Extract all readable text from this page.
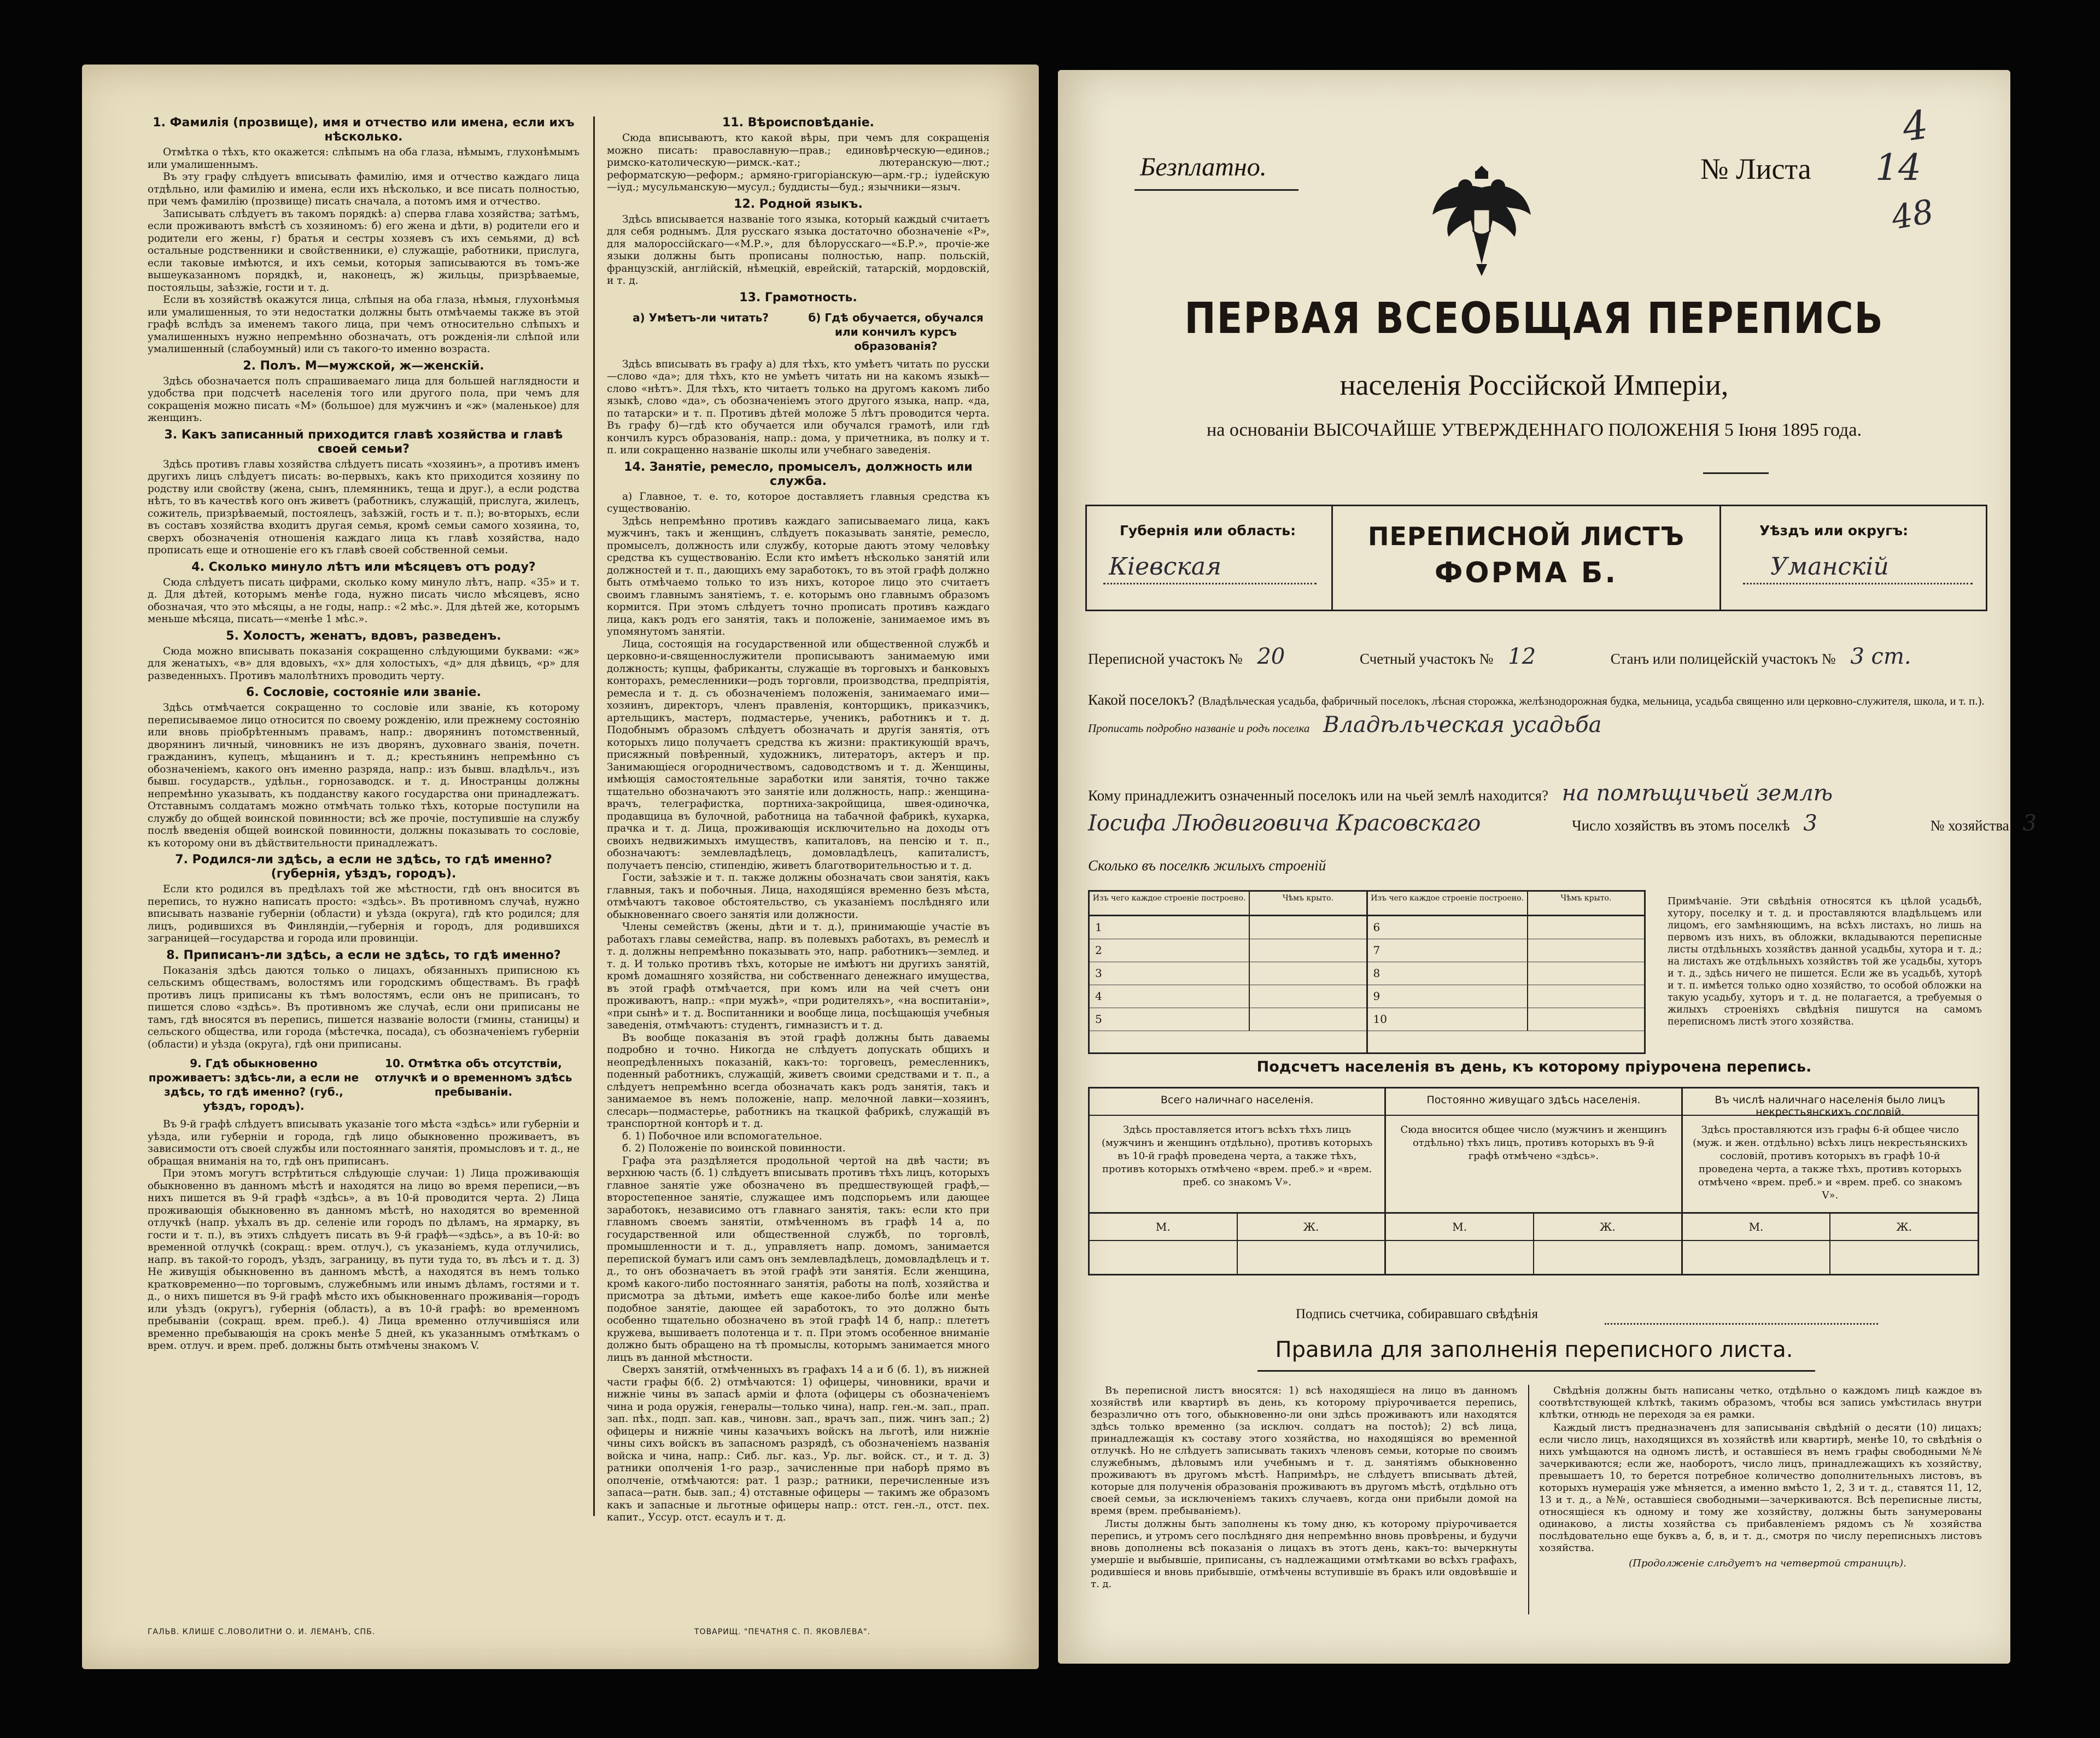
1. Фамилія (прозвище), имя и отчество или имена, если ихъ нѣсколько.

Отмѣтка о тѣхъ, кто окажется: слѣпымъ на оба глаза, нѣмымъ, глухонѣмымъ или умалишеннымъ.

Въ эту графу слѣдуетъ вписывать фамилію, имя и отчество каждаго лица отдѣльно, или фамилію и имена, если ихъ нѣсколько, и все писать полностью, при чемъ фамилію (прозвище) писать сначала, а потомъ имя и отчество.

Записывать слѣдуетъ въ такомъ порядкѣ: а) сперва глава хозяйства; затѣмъ, если проживаютъ вмѣстѣ съ хозяиномъ: б) его жена и дѣти, в) родители его и родители его жены, г) братья и сестры хозяевъ съ ихъ семьями, д) всѣ остальные родственники и свойственники, е) служащіе, работники, прислуга, если таковые имѣются, и ихъ семьи, которыя записываются въ томъ-же вышеуказанномъ порядкѣ, и, наконецъ, ж) жильцы, призрѣваемые, постояльцы, заѣзжіе, гости и т. д.

Если въ хозяйствѣ окажутся лица, слѣпыя на оба глаза, нѣмыя, глухонѣмыя или умалишенныя, то эти недостатки должны быть отмѣчаемы также въ этой графѣ вслѣдъ за именемъ такого лица, при чемъ относительно слѣпыхъ и умалишенныхъ нужно непремѣнно обозначать, отъ рожденія-ли слѣпой или умалишенный (слабоумный) или съ такого-то именно возраста.

2. Полъ. М—мужской, ж—женскій.

Здѣсь обозначается полъ спрашиваемаго лица для большей наглядности и удобства при подсчетѣ населенія того или другого пола, при чемъ для сокращенія можно писать «М» (большое) для мужчинъ и «ж» (маленькое) для женщинъ.

3. Какъ записанный приходится главѣ хозяйства и главѣ своей семьи?

Здѣсь противъ главы хозяйства слѣдуетъ писать «хозяинъ», а противъ именъ другихъ лицъ слѣдуетъ писать: во-первыхъ, какъ кто приходится хозяину по родству или свойству (жена, сынъ, племянникъ, теща и друг.), а если родства нѣтъ, то въ качествѣ кого онъ живетъ (работникъ, служащій, прислуга, жилецъ, сожитель, призрѣваемый, постоялецъ, заѣзжій, гость и т. п.); во-вторыхъ, если въ составъ хозяйства входитъ другая семья, кромѣ семьи самого хозяина, то, сверхъ обозначенія отношенія каждаго лица къ главѣ хозяйства, надо прописать еще и отношеніе его къ главѣ своей собственной семьи.

4. Сколько минуло лѣтъ или мѣсяцевъ отъ роду?

Сюда слѣдуетъ писать цифрами, сколько кому минуло лѣтъ, напр. «35» и т. д. Для дѣтей, которымъ менѣе года, нужно писать число мѣсяцевъ, ясно обозначая, что это мѣсяцы, а не годы, напр.: «2 мѣс.». Для дѣтей же, которымъ меньше мѣсяца, писать—«менѣе 1 мѣс.».

5. Холостъ, женатъ, вдовъ, разведенъ.

Сюда можно вписывать показанія сокращенно слѣдующими буквами: «ж» для женатыхъ, «в» для вдовыхъ, «х» для холостыхъ, «д» для дѣвицъ, «р» для разведенныхъ. Противъ малолѣтнихъ проводить черту.

6. Сословіе, состояніе или званіе.

Здѣсь отмѣчается сокращенно то сословіе или званіе, къ которому переписываемое лицо относится по своему рожденію, или прежнему состоянію или вновь пріобрѣтеннымъ правамъ, напр.: дворянинъ потомственный, дворянинъ личный, чиновникъ не изъ дворянъ, духовнаго званія, почетн. гражданинъ, купецъ, мѣщанинъ и т. д.; крестьянинъ непремѣнно съ обозначеніемъ, какого онъ именно разряда, напр.: изъ бывш. владѣльч., изъ бывш. государств., удѣльн., горнозаводск. и т. д. Иностранцы должны непремѣнно указывать, къ подданству какого государства они принадлежатъ. Отставнымъ солдатамъ можно отмѣчать только тѣхъ, которые поступили на службу до общей воинской повинности; всѣ же прочіе, поступившіе на службу послѣ введенія общей воинской повинности, должны показывать то сословіе, къ которому они въ дѣйствительности принадлежатъ.

7. Родился-ли здѣсь, а если не здѣсь, то гдѣ именно? (губернія, уѣздъ, городъ).

Если кто родился въ предѣлахъ той же мѣстности, гдѣ онъ вносится въ перепись, то нужно написать просто: «здѣсь». Въ противномъ случаѣ, нужно вписывать названіе губерніи (области) и уѣзда (округа), гдѣ кто родился; для лицъ, родившихся въ Финляндіи,—губернія и городъ, для родившихся заграницей—государства и города или провинціи.

8. Приписанъ-ли здѣсь, а если не здѣсь, то гдѣ именно?

Показанія здѣсь даются только о лицахъ, обязанныхъ приписною къ сельскимъ обществамъ, волостямъ или городскимъ обществамъ. Въ графѣ противъ лицъ приписаны къ тѣмъ волостямъ, если онъ не приписанъ, то пишется слово «здѣсь». Въ противномъ же случаѣ, если они приписаны не тамъ, гдѣ вносятся въ перепись, пишется названіе волости (гмины, станицы) и сельского общества, или города (мѣстечка, посада), съ обозначеніемъ губерніи (области) и уѣзда (округа), гдѣ они приписаны.

9. Гдѣ обыкновенно проживаетъ: здѣсь-ли, а если не здѣсь, то гдѣ именно? (губ., уѣздъ, городъ).
10. Отмѣтка объ отсутствіи, отлучкѣ и о временномъ здѣсь пребываніи.

Въ 9-й графѣ слѣдуетъ вписывать указаніе того мѣста «здѣсь» или губерніи и уѣзда, или губерніи и города, гдѣ лицо обыкновенно проживаетъ, въ зависимости отъ своей службы или постояннаго занятія, промысловъ и т. д., не обращая вниманія на то, гдѣ онъ приписанъ.

При этомъ могутъ встрѣтиться слѣдующіе случаи: 1) Лица проживающія обыкновенно въ данномъ мѣстѣ и находятся на лицо во время переписи,—въ нихъ пишется въ 9-й графѣ «здѣсь», а въ 10-й проводится черта. 2) Лица проживающія обыкновенно въ данномъ мѣстѣ, но находятся во временной отлучкѣ (напр. уѣхалъ въ др. селеніе или городъ по дѣламъ, на ярмарку, въ гости и т. п.), въ этихъ слѣдуетъ писать въ 9-й графѣ—«здѣсь», а въ 10-й: во временной отлучкѣ (сокращ.: врем. отлуч.), съ указаніемъ, куда отлучились, напр. въ такой-то городъ, уѣздъ, заграницу, въ пути туда то, въ лѣсъ и т. д. 3) Не живущія обыкновенно въ данномъ мѣстѣ, а находятся въ немъ только кратковременно—по торговымъ, служебнымъ или инымъ дѣламъ, гостями и т. д., о нихъ пишется въ 9-й графѣ мѣсто ихъ обыкновеннаго проживанія—городъ или уѣздъ (округъ), губернія (область), а въ 10-й графѣ: во временномъ пребываніи (сокращ. врем. преб.). 4) Лица временно отлучившіяся или временно пребывающія на срокъ менѣе 5 дней, къ указаннымъ отмѣткамъ о врем. отлуч. и врем. преб. должны быть отмѣчены знакомъ V.

11. Вѣроисповѣданіе.

Сюда вписываютъ, кто какой вѣры, при чемъ для сокращенія можно писать: православную—прав.; единовѣрческую—единов.; римско-католическую—римск.-кат.; лютеранскую—лют.; реформатскую—реформ.; армяно-григоріанскую—арм.-гр.; іудейскую—іуд.; мусульманскую—мусул.; буддисты—буд.; язычники—языч.

12. Родной языкъ.

Здѣсь вписывается названіе того языка, который каждый считаетъ для себя роднымъ. Для русскаго языка достаточно обозначеніе «Р», для малороссійскаго—«М.Р.», для бѣлорусскаго—«Б.Р.», прочіе-же языки должны быть прописаны полностью, напр. польскій, французскій, англійскій, нѣмецкій, еврейскій, татарскій, мордовскій, и т. д.

13. Грамотность.
а) Умѣетъ-ли читать?	б) Гдѣ обучается, обучался или кончилъ курсъ образованія?

Здѣсь вписывать въ графу а) для тѣхъ, кто умѣетъ читать по русски—слово «да»; для тѣхъ, кто не умѣетъ читать ни на какомъ языкѣ—слово «нѣтъ». Для тѣхъ, кто читаетъ только на другомъ какомъ либо языкѣ, слово «да», съ обозначеніемъ этого другого языка, напр. «да, по татарски» и т. п. Противъ дѣтей моложе 5 лѣтъ проводится черта. Въ графу б)—гдѣ кто обучается или обучался грамотѣ, или гдѣ кончилъ курсъ образованія, напр.: дома, у причетника, въ полку и т. п. или сокращенно названіе школы или учебнаго заведенія.

14. Занятіе, ремесло, промыселъ, должность или служба.

а) Главное, т. е. то, которое доставляетъ главныя средства къ существованію.

Здѣсь непремѣнно противъ каждаго записываемаго лица, какъ мужчинъ, такъ и женщинъ, слѣдуетъ показывать занятіе, ремесло, промыселъ, должность или службу, которые даютъ этому человѣку средства къ существованію. Если кто имѣетъ нѣсколько занятій или должностей и т. п., дающихъ ему заработокъ, то въ этой графѣ должно быть отмѣчаемо только то изъ нихъ, которое лицо это считаетъ своимъ главнымъ занятіемъ, т. е. которымъ оно главнымъ образомъ кормится. При этомъ слѣдуетъ точно прописать противъ каждаго лица, какъ родъ его занятія, такъ и положеніе, занимаемое имъ въ упомянутомъ занятіи.

Лица, состоящія на государственной или общественной службѣ и церковно-и-священнослужители прописываютъ занимаемую ими должность; купцы, фабриканты, служащіе въ торговыхъ и банковыхъ конторахъ, ремесленники—родъ торговли, производства, предпріятія, ремесла и т. д. съ обозначеніемъ положенія, занимаемаго ими—хозяинъ, директоръ, членъ правленія, конторщикъ, приказчикъ, артельщикъ, мастеръ, подмастерье, ученикъ, работникъ и т. д. Подобнымъ образомъ слѣдуетъ обозначать и другія занятія, отъ которыхъ лицо получаетъ средства къ жизни: практикующій врачъ, присяжный повѣренный, художникъ, литераторъ, актеръ и пр. Занимающіеся огородничествомъ, садоводствомъ и т. д. Женщины, имѣющія самостоятельные заработки или занятія, точно также тщательно обозначаютъ это занятіе или должность, напр.: женщина-врачъ, телеграфистка, портниха-закройщица, швея-одиночка, продавщица въ булочной, работница на табачной фабрикѣ, кухарка, прачка и т. д. Лица, проживающія исключительно на доходы отъ своихъ недвижимыхъ имуществъ, капиталовъ, на пенсію и т. п., обозначаютъ: землевладѣлецъ, домовладѣлецъ, капиталистъ, получаетъ пенсію, стипендію, живетъ благотворительностью и т. д.

Гости, заѣзжіе и т. п. также должны обозначать свои занятія, какъ главныя, такъ и побочныя. Лица, находящіяся временно безъ мѣста, отмѣчаютъ таковое обстоятельство, съ указаніемъ послѣдняго или обыкновеннаго своего занятія или должности.

Члены семействъ (жены, дѣти и т. д.), принимающіе участіе въ работахъ главы семейства, напр. въ полевыхъ работахъ, въ ремеслѣ и т. д. должны непремѣнно показывать это, напр. работникъ—землед. и т. д. И только противъ тѣхъ, которые не имѣютъ ни другихъ занятій, кромѣ домашняго хозяйства, ни собственнаго денежнаго имущества, въ этой графѣ отмѣчается, при комъ или на чей счетъ они проживаютъ, напр.: «при мужѣ», «при родителяхъ», «на воспитаніи», «при сынѣ» и т. д. Воспитанники и вообще лица, посѣщающія учебныя заведенія, отмѣчаютъ: студентъ, гимназистъ и т. д.

Въ вообще показанія въ этой графѣ должны быть даваемы подробно и точно. Никогда не слѣдуетъ допускать общихъ и неопредѣленныхъ показаній, какъ-то: торговецъ, ремесленникъ, поденный работникъ, служащій, живетъ своими средствами и т. п., а слѣдуетъ непремѣнно всегда обозначать какъ родъ занятія, такъ и занимаемое въ немъ положеніе, напр. мелочной лавки—хозяинъ, слесарь—подмастерье, работникъ на ткацкой фабрикѣ, служащій въ транспортной конторѣ и т. д.

б. 1) Побочное или вспомогательное.

б. 2) Положеніе по воинской повинности.

Графа эта раздѣляется продольной чертой на двѣ части; въ верхнюю часть (б. 1) слѣдуетъ вписывать противъ тѣхъ лицъ, которыхъ главное занятіе уже обозначено въ предшествующей графѣ,—второстепенное занятіе, служащее имъ подспорьемъ или дающее заработокъ, независимо отъ главнаго занятія, такъ: если кто при главномъ своемъ занятіи, отмѣченномъ въ графѣ 14 а, по государственной или общественной службѣ, по торговлѣ, промышленности и т. д., управляетъ напр. домомъ, занимается перепиской бумагъ или самъ онъ землевладѣлецъ, домовладѣлецъ и т. д., то онъ обозначаетъ въ этой графѣ эти занятія. Если женщина, кромѣ какого-либо постояннаго занятія, работы на полѣ, хозяйства и присмотра за дѣтьми, имѣетъ еще какое-либо болѣе или менѣе подобное занятіе, дающее ей заработокъ, то это должно быть особенно тщательно обозначено въ этой графѣ 14 б, напр.: плететъ кружева, вышиваетъ полотенца и т. п. При этомъ особенное вниманіе должно быть обращено на тѣ промыслы, которымъ занимается много лицъ въ данной мѣстности.

Сверхъ занятій, отмѣченныхъ въ графахъ 14 а и б (б. 1), въ нижней части графы б(б. 2) отмѣчаются: 1) офицеры, чиновники, врачи и нижніе чины въ запасѣ арміи и флота (офицеры съ обозначеніемъ чина и рода оружія, генералы—только чина), напр. ген.-м. зап., прап. зап. пѣх., подп. зап. кав., чиновн. зап., врачъ зап., пиж. чинъ зап.; 2) офицеры и нижніе чины казачьихъ войскъ на льготѣ, или нижніе чины сихъ войскъ въ запасномъ разрядѣ, съ обозначеніемъ названія войска и чина, напр.: Сиб. льг. каз., Ур. льг. войск. ст., и т. д. 3) ратники ополченія 1-го разр., зачисленные при наборѣ прямо въ ополченіе, отмѣчаются: рат. 1 разр.; ратники, перечисленные изъ запаса—ратн. быв. зап.; 4) отставные офицеры — такимъ же образомъ какъ и запасные и льготные офицеры напр.: отст. ген.-л., отст. пех. капит., Уссур. отст. есаулъ и т. д.

ГАЛЬВ. КЛИШЕ С.ЛОВОЛИТНИ О. И. ЛЕМАНЪ, СПБ.	ТОВАРИЩ. "ПЕЧАТНЯ С. П. ЯКОВЛЕВА".
Безплатно.	№ Листа 14
4
48
ПЕРВАЯ ВСЕОБЩАЯ ПЕРЕПИСЬ
населенія Россійской Имперіи,
на основаніи ВЫСОЧАЙШЕ УТВЕРЖДЕННАГО ПОЛОЖЕНІЯ 5 Іюня 1895 года.
Губернія или область:
Кіевская
ПЕРЕПИСНОЙ ЛИСТЪ
ФОРМА Б.
Уѣздъ или округъ:
Уманскій
Переписной участокъ № 20	Счетный участокъ № 12	Станъ или полицейскій участокъ № 3 ст.
Какой поселокъ? (Владѣльческая усадьба, фабричный поселокъ, лѣсная сторожка, желѣзнодорожная будка, мельница, усадьба священно или церковно-служителя, школа, и т. п.). Прописать подробно названіе и родъ поселка Владѣльческая усадьба
Кому принадлежитъ означенный поселокъ или на чьей землѣ находится? на помѣщичьей землѣ
Іосифа Людвиговича Красовскаго	Число хозяйствъ въ этомъ поселкѣ 3	№ хозяйства 3
Сколько въ поселкѣ жилыхъ строеній
Изъ чего каждое строеніе построено.	Чѣмъ крыто.
1
2
3
4
5
Изъ чего каждое строеніе построено.	Чѣмъ крыто.
6
7
8
9
10
Примѣчаніе. Эти свѣдѣнія относятся къ цѣлой усадьбѣ, хутору, поселку и т. д. и проставляются владѣльцемъ или лицомъ, его замѣняющимъ, на всѣхъ листахъ, но лишь на первомъ изъ нихъ, въ обложки, вкладываются переписные листы отдѣльныхъ хозяйствъ данной усадьбы, хутора и т. д.; на листахъ же отдѣльныхъ хозяйствъ той же усадьбы, хуторъ и т. д., здѣсь ничего не пишется. Если же въ усадьбѣ, хуторѣ и т. п. имѣется только одно хозяйство, то особой обложки на такую усадьбу, хуторъ и т. д. не полагается, а требуемыя о жилыхъ строеніяхъ свѣдѣнія пишутся на самомъ переписномъ листѣ этого хозяйства.
Подсчетъ населенія въ день, къ которому пріурочена перепись.
Всего наличнаго населенія.
Здѣсь проставляется итогъ всѣхъ тѣхъ лицъ (мужчинъ и женщинъ отдѣльно), противъ которыхъ въ 10-й графѣ проведена черта, а также тѣхъ, противъ которыхъ отмѣчено «врем. преб.» и «врем. преб. со знакомъ V».
М.	Ж.
Постоянно живущаго здѣсь населенія.
Сюда вносится общее число (мужчинъ и женщинъ отдѣльно) тѣхъ лицъ, противъ которыхъ въ 9-й графѣ отмѣчено «здѣсь».
М.	Ж.
Въ числѣ наличнаго населенія было лицъ некрестьянскихъ сословій.
Здѣсь проставляются изъ графы 6-й общее число (муж. и жен. отдѣльно) всѣхъ лицъ некрестьянскихъ сословій, противъ которыхъ въ графѣ 10-й проведена черта, а также тѣхъ, противъ которыхъ отмѣчено «врем. преб.» и «врем. преб. со знакомъ V».
М.	Ж.
Подпись счетчика, собиравшаго свѣдѣнія
Правила для заполненія переписного листа.

Въ переписной листъ вносятся: 1) всѣ находящіеся на лицо въ данномъ хозяйствѣ или квартирѣ въ день, къ которому пріурочивается перепись, безразлично отъ того, обыкновенно-ли они здѣсь проживаютъ или находятся здѣсь только временно (за исключ. солдатъ на постоѣ); 2) всѣ лица, принадлежащія къ составу этого хозяйства, но находящіяся во временной отлучкѣ. Но не слѣдуетъ записывать такихъ членовъ семьи, которые по своимъ служебнымъ, дѣловымъ или учебнымъ и т. д. занятіямъ обыкновенно проживаютъ въ другомъ мѣстѣ. Напримѣръ, не слѣдуетъ вписывать дѣтей, которые для полученія образованія проживаютъ въ другомъ мѣстѣ, отдѣльно отъ своей семьи, за исключеніемъ такихъ случаевъ, когда они прибыли домой на время (врем. пребываніемъ).

Листы должны быть заполнены къ тому дню, къ которому пріурочивается перепись, и утромъ сего послѣдняго дня непремѣнно вновь провѣрены, и будучи вновь дополнены всѣ показанія о лицахъ въ этотъ день, какъ-то: вычеркнуты умершіе и выбывшіе, приписаны, съ надлежащими отмѣтками во всѣхъ графахъ, родившіеся и вновь прибывшіе, отмѣчены вступившіе въ бракъ или овдовѣвшіе и т. д.

Свѣдѣнія должны быть написаны четко, отдѣльно о каждомъ лицѣ каждое въ соотвѣтствующей клѣткѣ, такимъ образомъ, чтобы вся запись умѣстилась внутри клѣтки, отнюдь не переходя за ея рамки.

Каждый листъ предназначенъ для записыванія свѣдѣній о десяти (10) лицахъ; если число лицъ, находящихся въ хозяйствѣ или квартирѣ, менѣе 10, то свѣдѣнія о нихъ умѣщаются на одномъ листѣ, и оставшіеся въ немъ графы свободными №№ зачеркиваются; если же, наоборотъ, число лицъ, принадлежащихъ къ хозяйству, превышаетъ 10, то берется потребное количество дополнительныхъ листовъ, въ которыхъ нумерація уже мѣняется, а именно вмѣсто 1, 2, 3 и т. д., ставятся 11, 12, 13 и т. д., а №№, оставшіеся свободными—зачеркиваются. Всѣ переписные листы, относящіеся къ одному и тому же хозяйству, должны быть занумерованы одинаково, а листы хозяйства съ прибавленіемъ рядомъ съ № хозяйства послѣдовательно еще буквъ а, б, в, и т. д., смотря по числу переписныхъ листовъ хозяйства.

(Продолженіе слѣдуетъ на четвертой страницѣ).
